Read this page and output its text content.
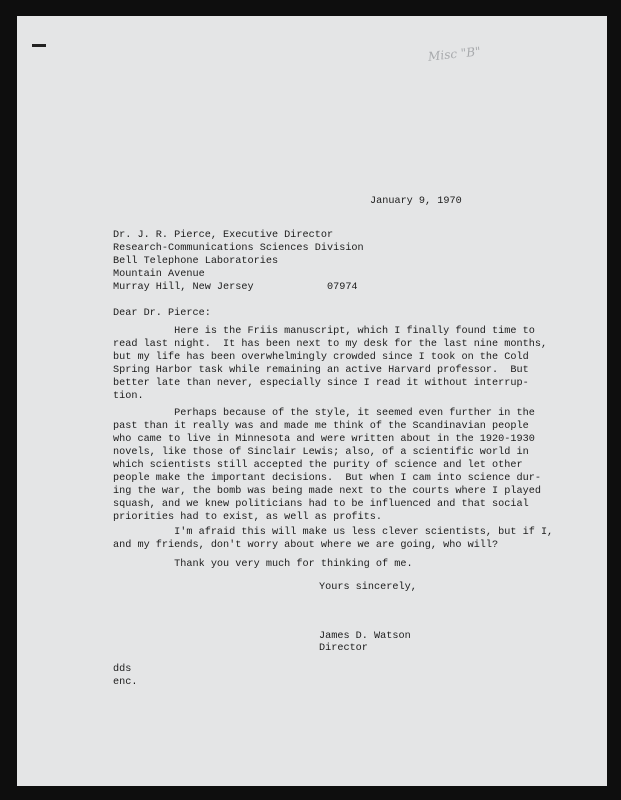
Misc "B"
January 9, 1970
Dr. J. R. Pierce, Executive Director
Research-Communications Sciences Division
Bell Telephone Laboratories
Mountain Avenue
Murray Hill, New Jersey            07974
Dear Dr. Pierce:
Here is the Friis manuscript, which I finally found time to
read last night.  It has been next to my desk for the last nine months,
but my life has been overwhelmingly crowded since I took on the Cold
Spring Harbor task while remaining an active Harvard professor.  But
better late than never, especially since I read it without interrup-
tion.
Perhaps because of the style, it seemed even further in the
past than it really was and made me think of the Scandinavian people
who came to live in Minnesota and were written about in the 1920-1930
novels, like those of Sinclair Lewis; also, of a scientific world in
which scientists still accepted the purity of science and let other
people make the important decisions.  But when I cam into science dur-
ing the war, the bomb was being made next to the courts where I played
squash, and we knew politicians had to be influenced and that social
priorities had to exist, as well as profits.
I'm afraid this will make us less clever scientists, but if I,
and my friends, don't worry about where we are going, who will?
Thank you very much for thinking of me.
Yours sincerely,
James D. Watson
Director
dds
enc.
